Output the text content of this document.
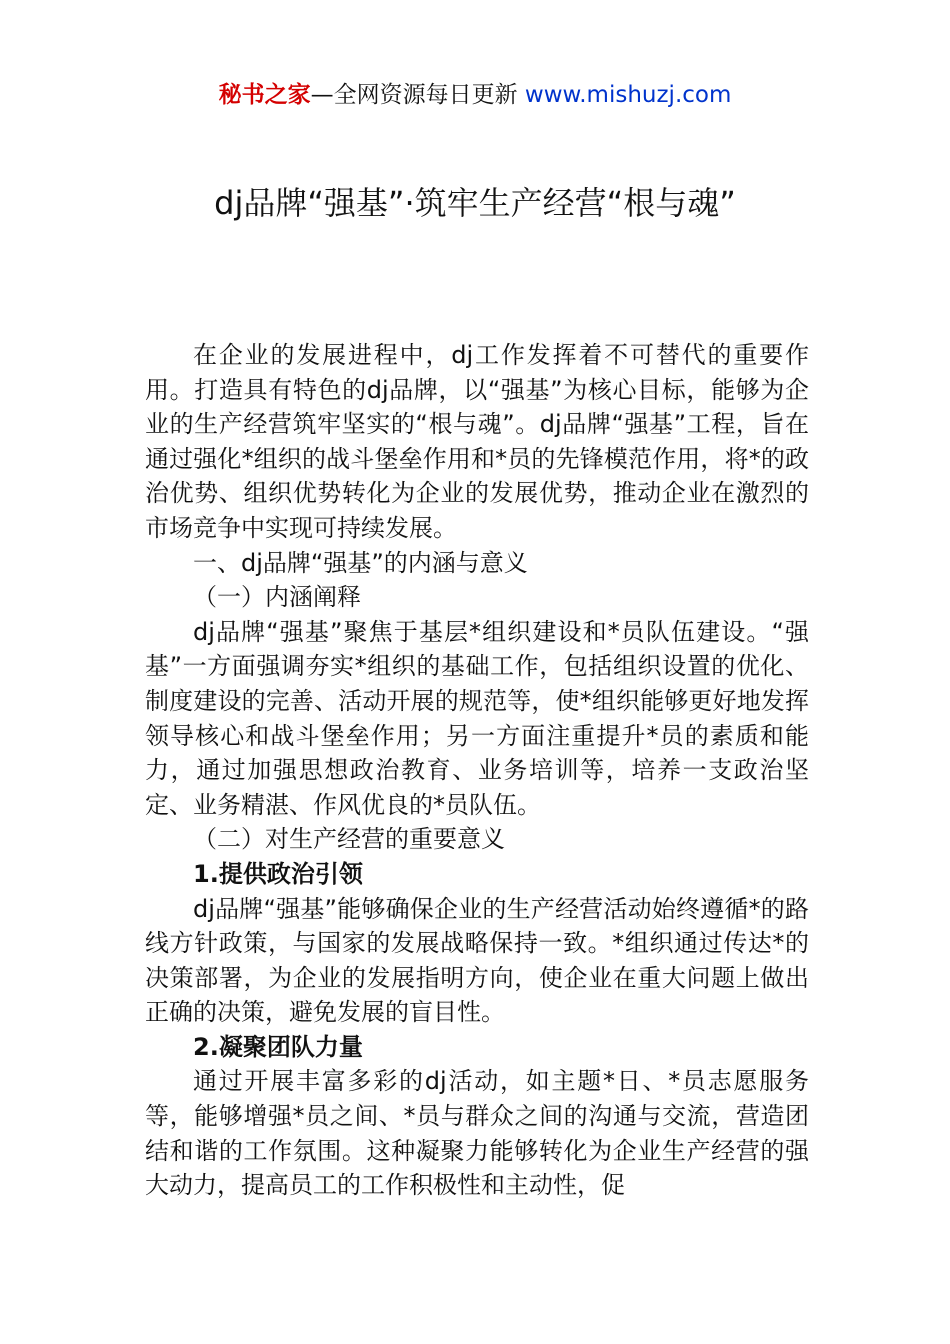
秘书之家—全网资源每日更新 www.mishuzj.com
dj品牌“强基”·筑牢生产经营“根与魂”

在企业的发展进程中，dj工作发挥着不可替代的重要作用。打造具有特色的dj品牌，以“强基”为核心目标，能够为企业的生产经营筑牢坚实的“根与魂”。dj品牌“强基”工程，旨在通过强化*组织的战斗堡垒作用和*员的先锋模范作用，将*的政治优势、组织优势转化为企业的发展优势，推动企业在激烈的市场竞争中实现可持续发展。

一、dj品牌“强基”的内涵与意义

（一）内涵阐释

dj品牌“强基”聚焦于基层*组织建设和*员队伍建设。“强基”一方面强调夯实*组织的基础工作，包括组织设置的优化、制度建设的完善、活动开展的规范等，使*组织能够更好地发挥领导核心和战斗堡垒作用；另一方面注重提升*员的素质和能力，通过加强思想政治教育、业务培训等，培养一支政治坚定、业务精湛、作风优良的*员队伍。

（二）对生产经营的重要意义

1.提供政治引领

dj品牌“强基”能够确保企业的生产经营活动始终遵循*的路线方针政策，与国家的发展战略保持一致。*组织通过传达*的决策部署，为企业的发展指明方向，使企业在重大问题上做出正确的决策，避免发展的盲目性。

2.凝聚团队力量

通过开展丰富多彩的dj活动，如主题*日、*员志愿服务等，能够增强*员之间、*员与群众之间的沟通与交流，营造团结和谐的工作氛围。这种凝聚力能够转化为企业生产经营的强大动力，提高员工的工作积极性和主动性，促
